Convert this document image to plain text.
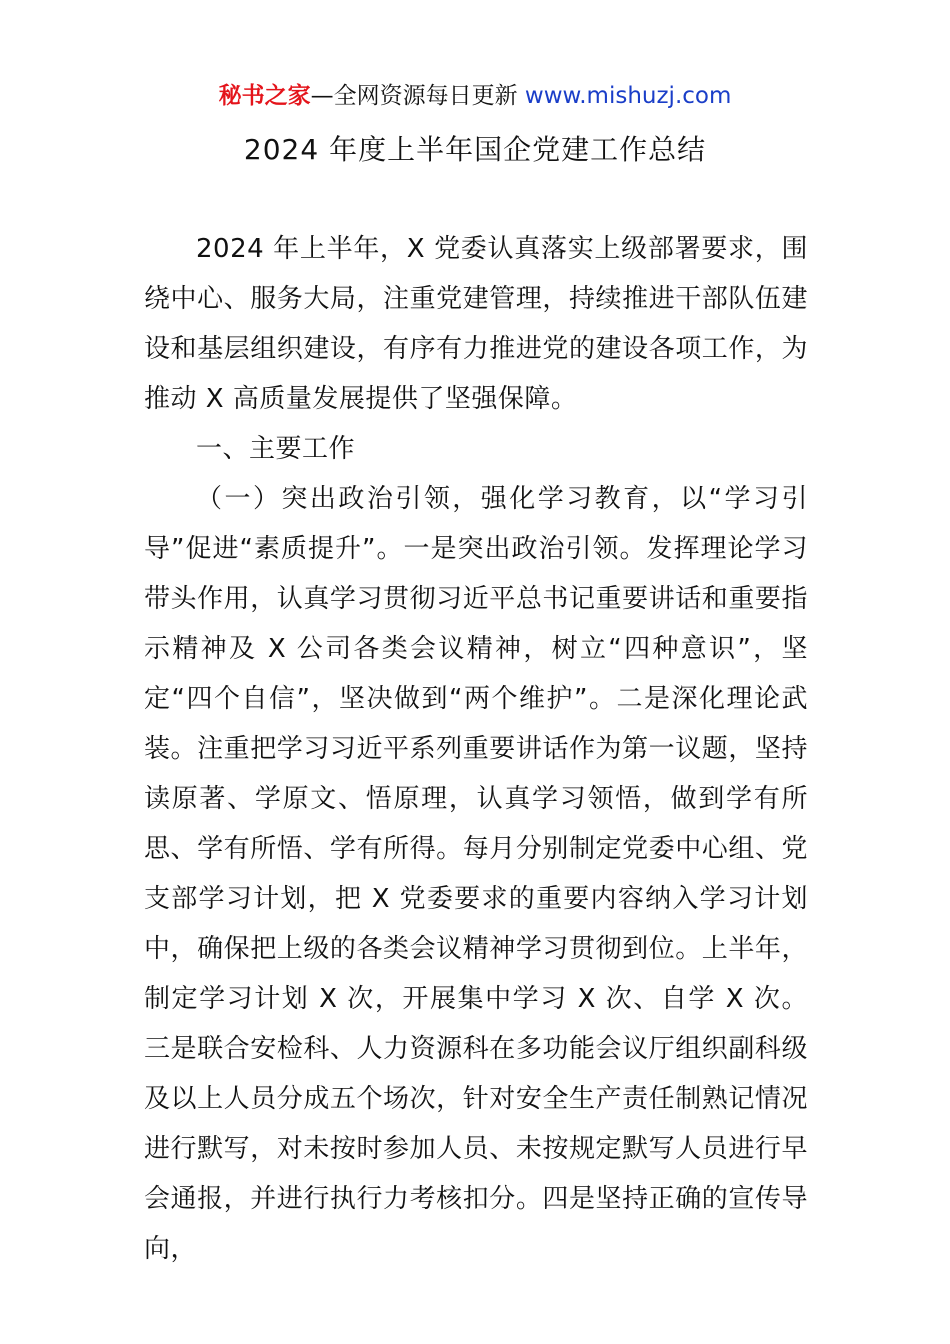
秘书之家—全网资源每日更新 www.mishuzj.com
2024 年度上半年国企党建工作总结

2024 年上半年，X 党委认真落实上级部署要求，围绕中心、服务大局，注重党建管理，持续推进干部队伍建设和基层组织建设，有序有力推进党的建设各项工作，为推动 X 高质量发展提供了坚强保障。

一、主要工作

（一）突出政治引领，强化学习教育，以“学习引导”促进“素质提升”。一是突出政治引领。发挥理论学习带头作用，认真学习贯彻习近平总书记重要讲话和重要指示精神及 X 公司各类会议精神，树立“四种意识”，坚定“四个自信”，坚决做到“两个维护”。二是深化理论武装。注重把学习习近平系列重要讲话作为第一议题，坚持读原著、学原文、悟原理，认真学习领悟，做到学有所思、学有所悟、学有所得。每月分别制定党委中心组、党支部学习计划，把 X 党委要求的重要内容纳入学习计划中，确保把上级的各类会议精神学习贯彻到位。上半年，制定学习计划 X 次，开展集中学习 X 次、自学 X 次。三是联合安检科、人力资源科在多功能会议厅组织副科级及以上人员分成五个场次，针对安全生产责任制熟记情况进行默写，对未按时参加人员、未按规定默写人员进行早会通报，并进行执行力考核扣分。四是坚持正确的宣传导向，
